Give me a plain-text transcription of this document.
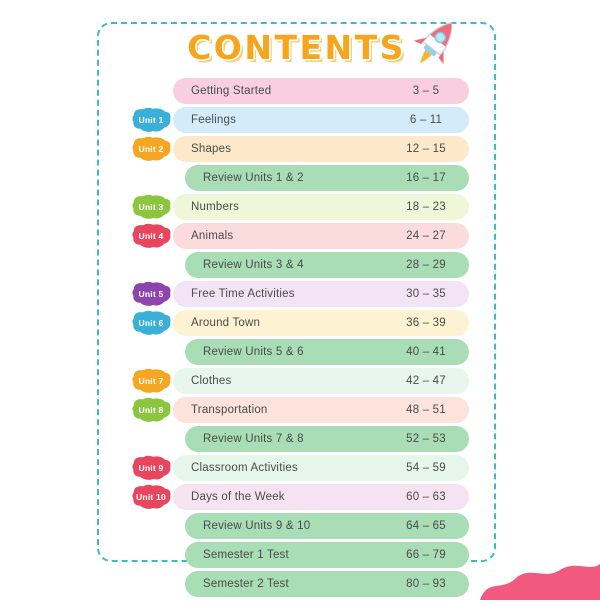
CONTENTS
Getting Started	3 – 5
Unit 1 Feelings	6 – 11
Unit 2 Shapes	12 – 15
Review Units 1 & 2	16 – 17
Unit 3 Numbers	18 – 23
Unit 4 Animals	24 – 27
Review Units 3 & 4	28 – 29
Unit 5 Free Time Activities	30 – 35
Unit 6 Around Town	36 – 39
Review Units 5 & 6	40 – 41
Unit 7 Clothes	42 – 47
Unit 8 Transportation	48 – 51
Review Units 7 & 8	52 – 53
Unit 9 Classroom Activities	54 – 59
Unit 10 Days of the Week	60 – 63
Review Units 9 & 10	64 – 65
Semester 1 Test	66 – 79
Semester 2 Test	80 – 93
